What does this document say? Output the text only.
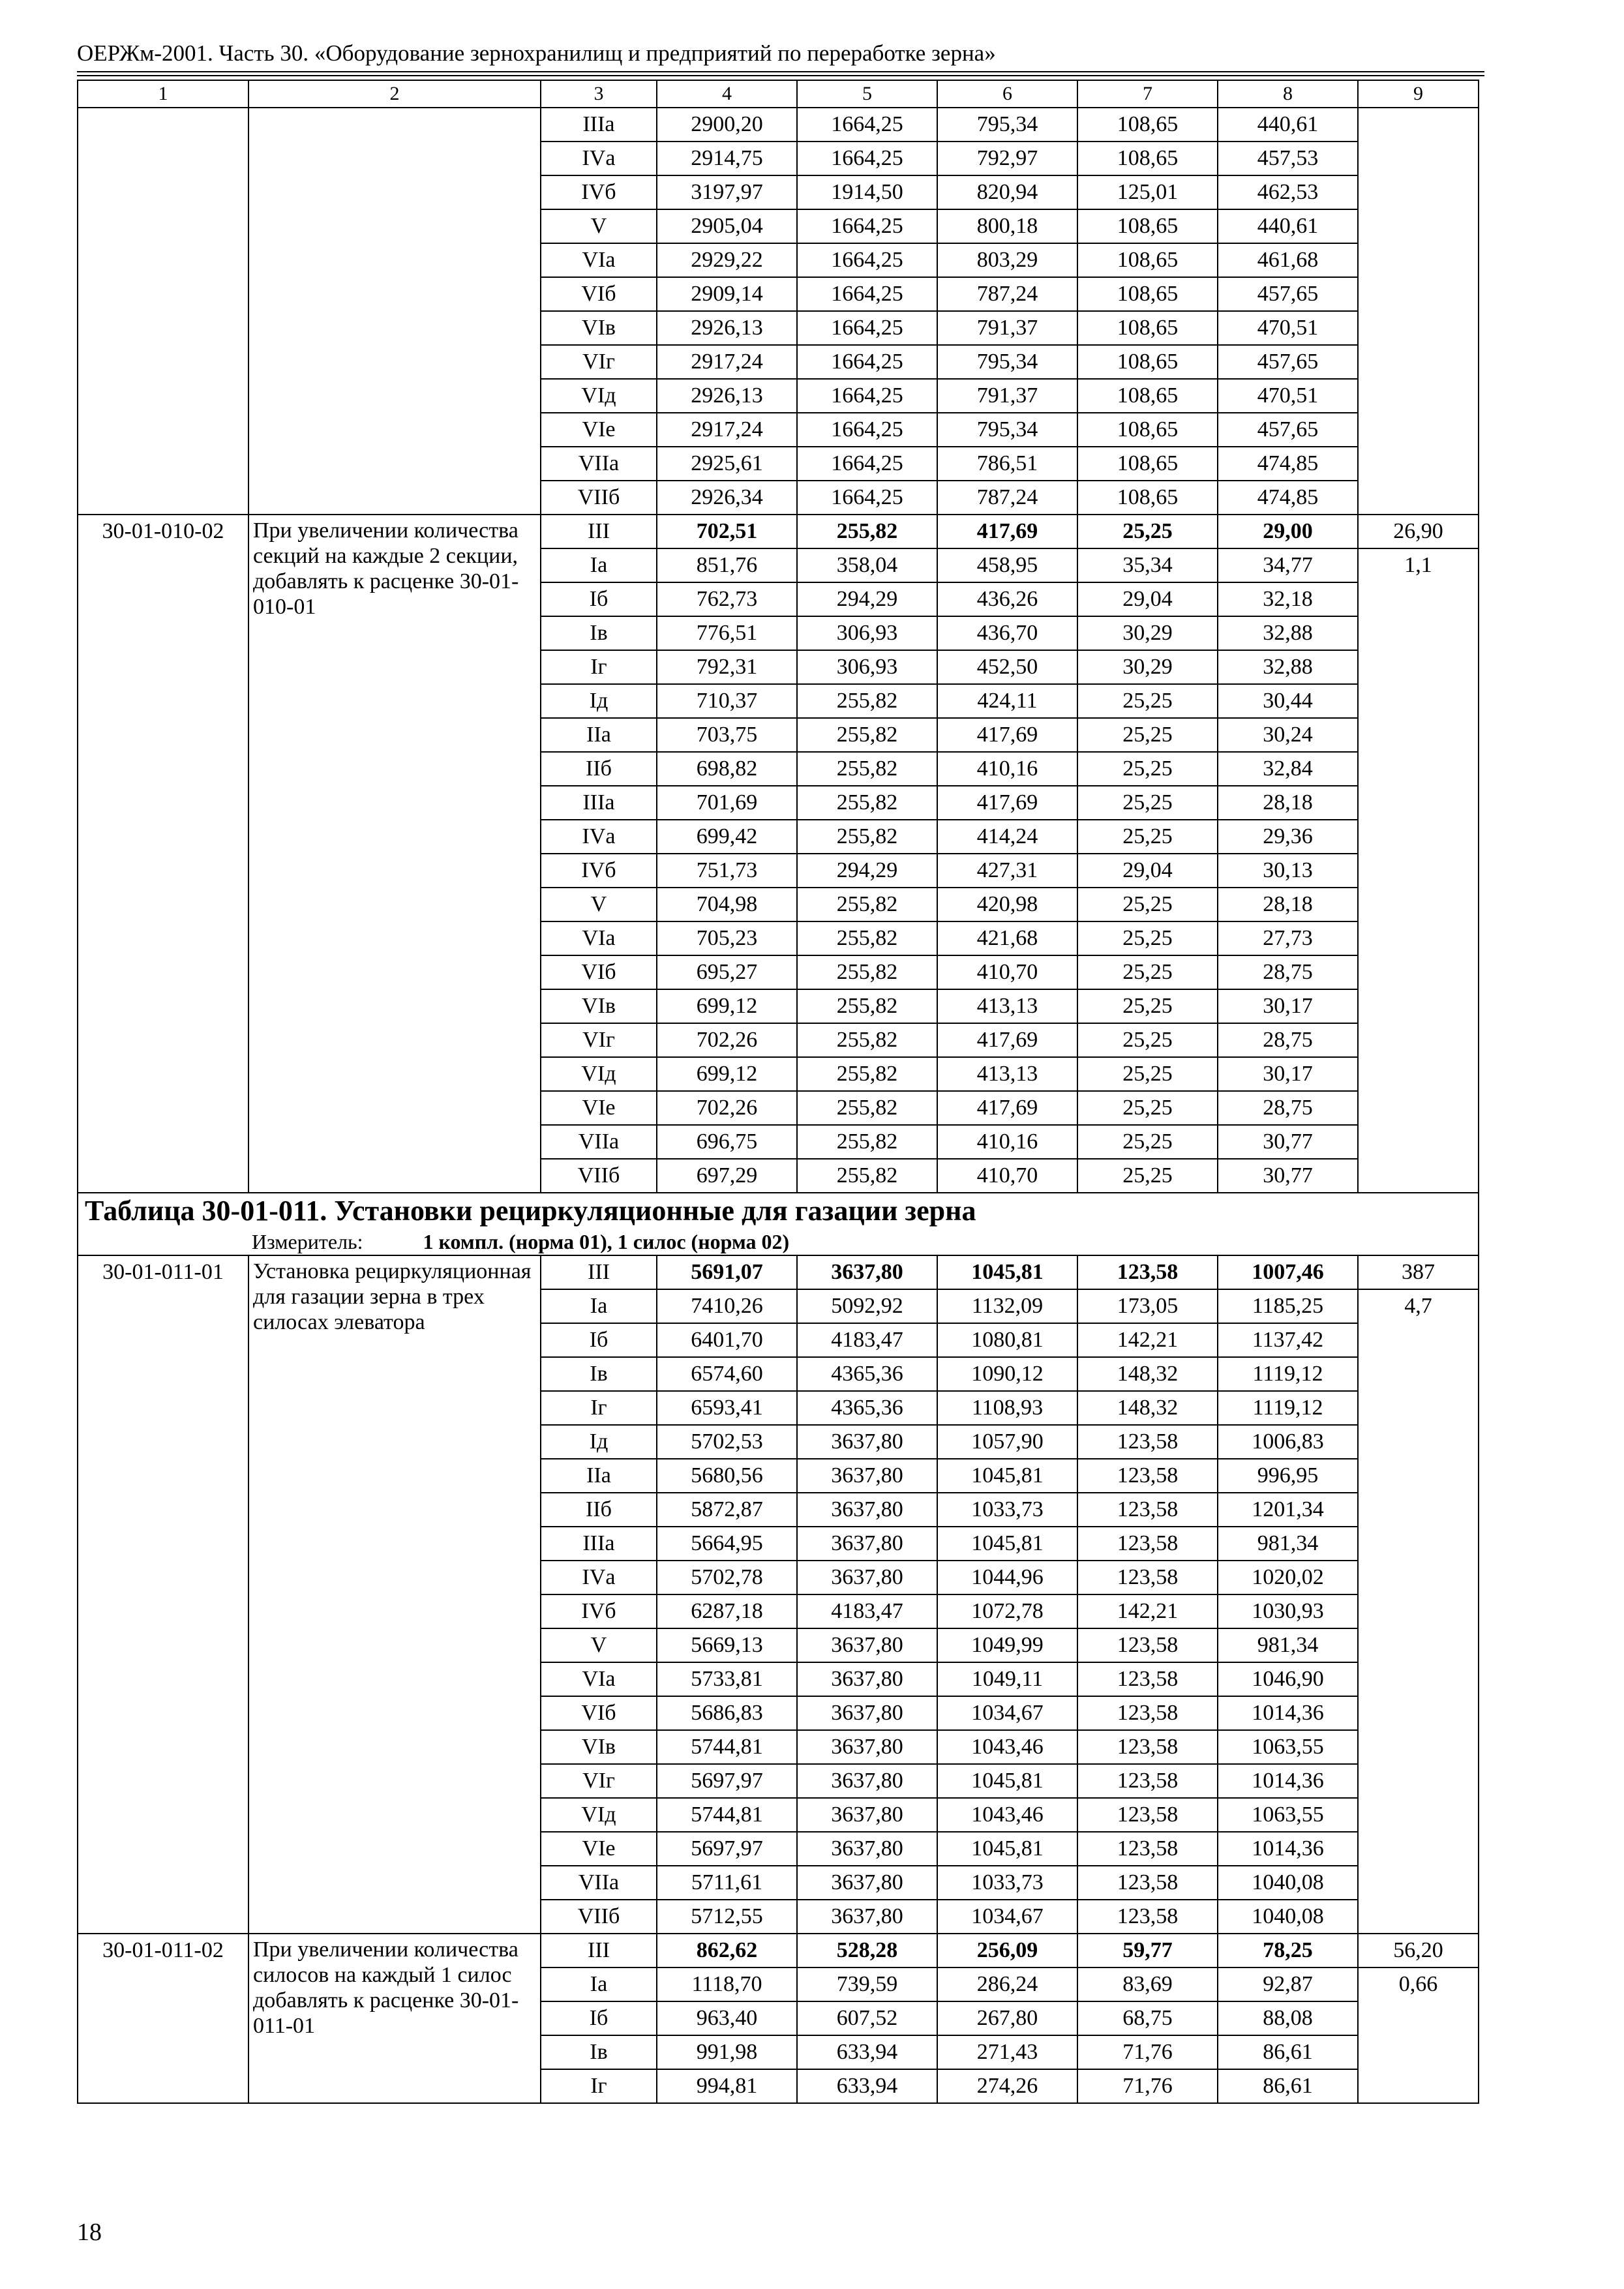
ОЕРЖм-2001. Часть 30. «Оборудование зернохранилищ и предприятий по переработке зерна»
1	2	3	4	5	6	7	8	9
		IIIа	2900,20	1664,25	795,34	108,65	440,61	
		IVа	2914,75	1664,25	792,97	108,65	457,53	
		IVб	3197,97	1914,50	820,94	125,01	462,53	
		V	2905,04	1664,25	800,18	108,65	440,61	
		VIа	2929,22	1664,25	803,29	108,65	461,68	
		VIб	2909,14	1664,25	787,24	108,65	457,65	
		VIв	2926,13	1664,25	791,37	108,65	470,51	
		VIг	2917,24	1664,25	795,34	108,65	457,65	
		VIд	2926,13	1664,25	791,37	108,65	470,51	
		VIе	2917,24	1664,25	795,34	108,65	457,65	
		VIIа	2925,61	1664,25	786,51	108,65	474,85	
		VIIб	2926,34	1664,25	787,24	108,65	474,85	
30-01-010-02	При увеличении количества секций на каждые 2 секции, добавлять к расценке 30-01-010-01	III	702,51	255,82	417,69	25,25	29,00	26,90
		Iа	851,76	358,04	458,95	35,34	34,77	1,1
		Iб	762,73	294,29	436,26	29,04	32,18	
		Iв	776,51	306,93	436,70	30,29	32,88	
		Iг	792,31	306,93	452,50	30,29	32,88	
		Iд	710,37	255,82	424,11	25,25	30,44	
		IIа	703,75	255,82	417,69	25,25	30,24	
		IIб	698,82	255,82	410,16	25,25	32,84	
		IIIа	701,69	255,82	417,69	25,25	28,18	
		IVа	699,42	255,82	414,24	25,25	29,36	
		IVб	751,73	294,29	427,31	29,04	30,13	
		V	704,98	255,82	420,98	25,25	28,18	
		VIа	705,23	255,82	421,68	25,25	27,73	
		VIб	695,27	255,82	410,70	25,25	28,75	
		VIв	699,12	255,82	413,13	25,25	30,17	
		VIг	702,26	255,82	417,69	25,25	28,75	
		VIд	699,12	255,82	413,13	25,25	30,17	
		VIе	702,26	255,82	417,69	25,25	28,75	
		VIIа	696,75	255,82	410,16	25,25	30,77	
		VIIб	697,29	255,82	410,70	25,25	30,77	
Таблица 30-01-011. Установки рециркуляционные для газации зерна								
Измеритель: 1 компл. (норма 01), 1 силос (норма 02)								
30-01-011-01	Установка рециркуляционная для газации зерна в трех силосах элеватора	III	5691,07	3637,80	1045,81	123,58	1007,46	387
		Iа	7410,26	5092,92	1132,09	173,05	1185,25	4,7
		Iб	6401,70	4183,47	1080,81	142,21	1137,42	
		Iв	6574,60	4365,36	1090,12	148,32	1119,12	
		Iг	6593,41	4365,36	1108,93	148,32	1119,12	
		Iд	5702,53	3637,80	1057,90	123,58	1006,83	
		IIа	5680,56	3637,80	1045,81	123,58	996,95	
		IIб	5872,87	3637,80	1033,73	123,58	1201,34	
		IIIа	5664,95	3637,80	1045,81	123,58	981,34	
		IVа	5702,78	3637,80	1044,96	123,58	1020,02	
		IVб	6287,18	4183,47	1072,78	142,21	1030,93	
		V	5669,13	3637,80	1049,99	123,58	981,34	
		VIа	5733,81	3637,80	1049,11	123,58	1046,90	
		VIб	5686,83	3637,80	1034,67	123,58	1014,36	
		VIв	5744,81	3637,80	1043,46	123,58	1063,55	
		VIг	5697,97	3637,80	1045,81	123,58	1014,36	
		VIд	5744,81	3637,80	1043,46	123,58	1063,55	
		VIе	5697,97	3637,80	1045,81	123,58	1014,36	
		VIIа	5711,61	3637,80	1033,73	123,58	1040,08	
		VIIб	5712,55	3637,80	1034,67	123,58	1040,08	
30-01-011-02	При увеличении количества силосов на каждый 1 силос добавлять к расценке 30-01-011-01	III	862,62	528,28	256,09	59,77	78,25	56,20
		Iа	1118,70	739,59	286,24	83,69	92,87	0,66
		Iб	963,40	607,52	267,80	68,75	88,08	
		Iв	991,98	633,94	271,43	71,76	86,61	
		Iг	994,81	633,94	274,26	71,76	86,61	
18
